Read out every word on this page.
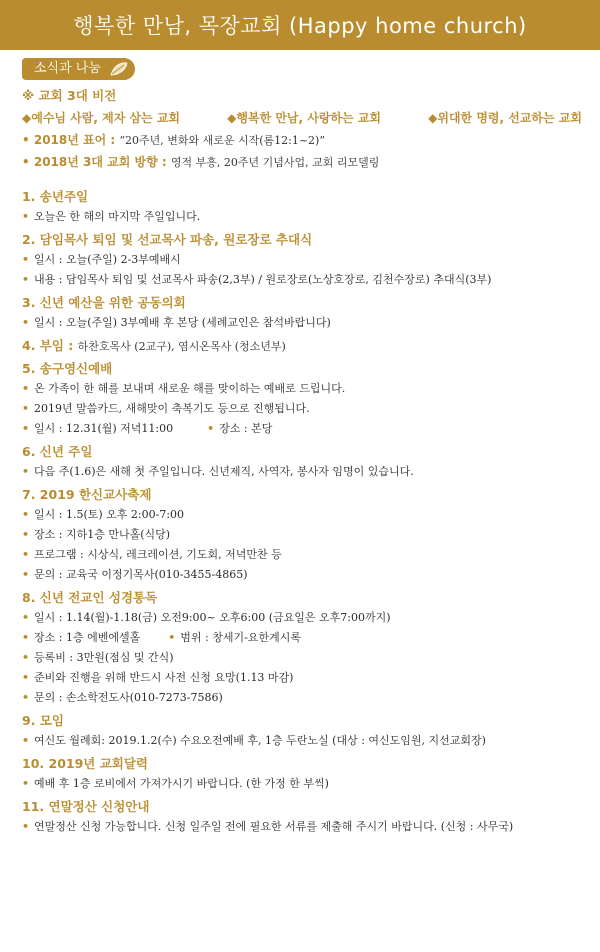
행복한 만남, 목장교회 (Happy home church)
소식과 나눔
※ 교회 3대 비전
◆예수님 사람, 제자 삼는 교회	◆행복한 만남, 사랑하는 교회	◆위대한 명령, 선교하는 교회
• 2018년 표어 : “20주년, 변화와 새로운 시작(롬12:1~2)”
• 2018년 3대 교회 방향 : 영적 부흥, 20주년 기념사업, 교회 리모델링
1. 송년주일
• 오늘은 한 해의 마지막 주일입니다.
2. 담임목사 퇴임 및 선교목사 파송, 원로장로 추대식
• 일시 : 오늘(주일) 2-3부예배시
• 내용 : 담임목사 퇴임 및 선교목사 파송(2,3부) / 원로장로(노상호장로, 김천수장로) 추대식(3부)
3. 신년 예산을 위한 공동의회
• 일시 : 오늘(주일) 3부예배 후 본당 (세례교인은 참석바랍니다)
4. 부임 : 하찬호목사 (2교구), 염시온목사 (청소년부)
5. 송구영신예배
• 온 가족이 한 해를 보내며 새로운 해를 맞이하는 예배로 드립니다.
• 2019년 말씀카드, 새해맞이 축복기도 등으로 진행됩니다.
• 일시 : 12.31(월) 저녁11:00	• 장소 : 본당
6. 신년 주일
• 다음 주(1.6)은 새해 첫 주일입니다. 신년제직, 사역자, 봉사자 임명이 있습니다.
7. 2019 한신교사축제
• 일시 : 1.5(토) 오후 2:00-7:00
• 장소 : 지하1층 만나홀(식당)
• 프로그램 : 시상식, 레크레이션, 기도회, 저녁만찬 등
• 문의 : 교육국 이정기목사(010-3455-4865)
8. 신년 전교인 성경통독
• 일시 : 1.14(월)-1.18(금) 오전9:00~ 오후6:00 (금요일은 오후7:00까지)
• 장소 : 1층 에벤에셀홀	• 범위 : 창세기-요한계시록
• 등록비 : 3만원(점심 및 간식)
• 준비와 진행을 위해 반드시 사전 신청 요망(1.13 마감)
• 문의 : 손소학전도사(010-7273-7586)
9. 모임
• 여신도 월례회: 2019.1.2(수) 수요오전예배 후, 1층 두란노실 (대상 : 여신도임원, 지선교회장)
10. 2019년 교회달력
• 예배 후 1층 로비에서 가져가시기 바랍니다. (한 가정 한 부씩)
11. 연말정산 신청안내
• 연말정산 신청 가능합니다. 신청 일주일 전에 필요한 서류를 제출해 주시기 바랍니다. (신청 : 사무국)
